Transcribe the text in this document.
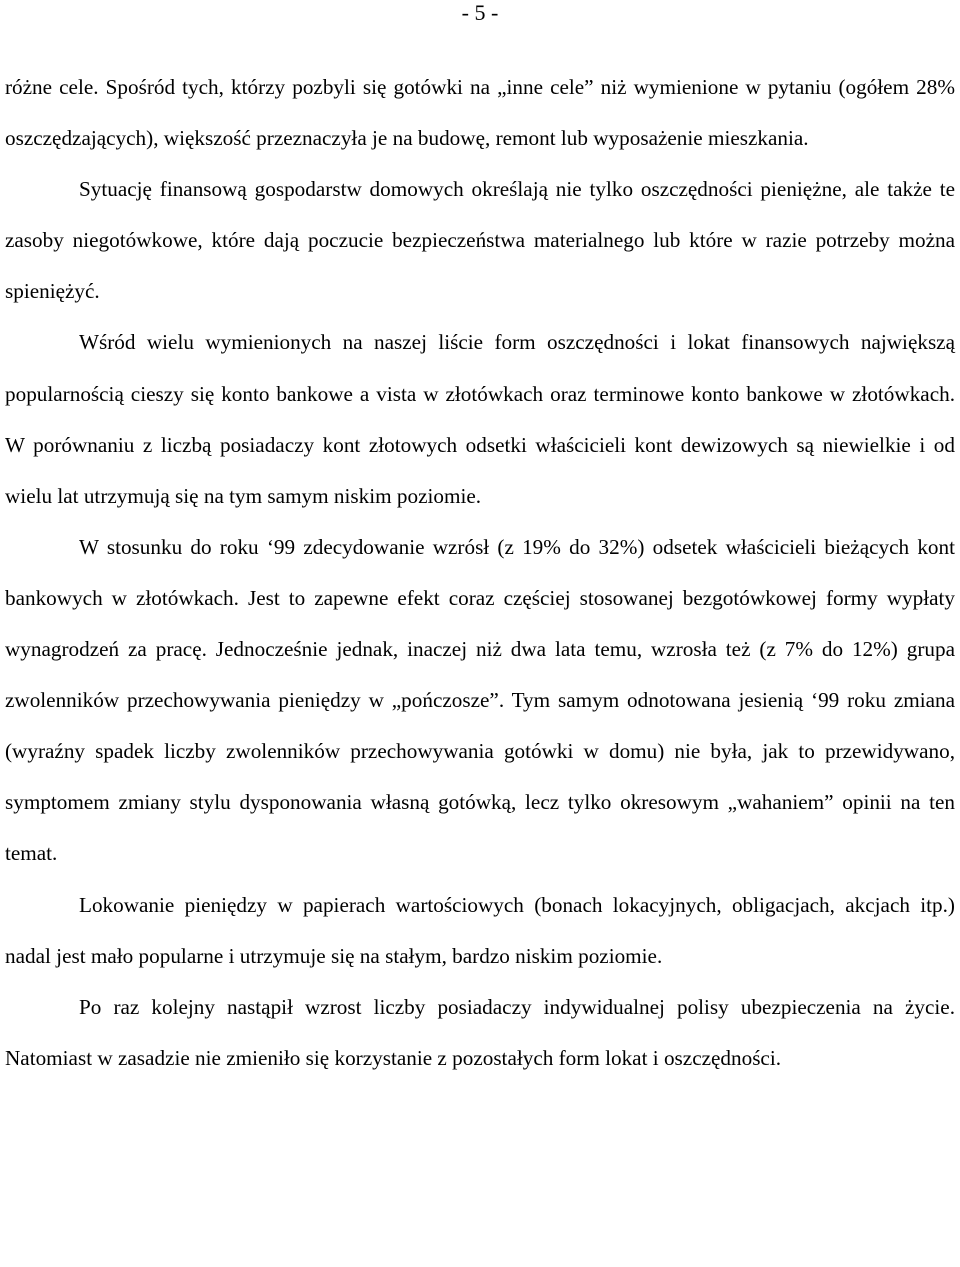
- 5 -

różne cele. Spośród tych, którzy pozbyli się gotówki na „inne cele” niż wymienione w pytaniu (ogółem 28% oszczędzających), większość przeznaczyła je na budowę, remont lub wyposażenie mieszkania.

Sytuację finansową gospodarstw domowych określają nie tylko oszczędności pieniężne, ale także te zasoby niegotówkowe, które dają poczucie bezpieczeństwa materialnego lub które w razie potrzeby można spieniężyć.

Wśród wielu wymienionych na naszej liście form oszczędności i lokat finansowych największą popularnością cieszy się konto bankowe a vista w złotówkach oraz terminowe konto bankowe w złotówkach. W porównaniu z liczbą posiadaczy kont złotowych odsetki właścicieli kont dewizowych są niewielkie i od wielu lat utrzymują się na tym samym niskim poziomie.

W stosunku do roku ‘99 zdecydowanie wzrósł (z 19% do 32%) odsetek właścicieli bieżących kont bankowych w złotówkach. Jest to zapewne efekt coraz częściej stosowanej bezgotówkowej formy wypłaty wynagrodzeń za pracę. Jednocześnie jednak, inaczej niż dwa lata temu, wzrosła też (z 7% do 12%) grupa zwolenników przechowywania pieniędzy w „pończosze”. Tym samym odnotowana jesienią ‘99 roku zmiana (wyraźny spadek liczby zwolenników przechowywania gotówki w domu) nie była, jak to przewidywano, symptomem zmiany stylu dysponowania własną gotówką, lecz tylko okresowym „wahaniem” opinii na ten temat.

Lokowanie pieniędzy w papierach wartościowych (bonach lokacyjnych, obligacjach, akcjach itp.) nadal jest mało popularne i utrzymuje się na stałym, bardzo niskim poziomie.

Po raz kolejny nastąpił wzrost liczby posiadaczy indywidualnej polisy ubezpieczenia na życie. Natomiast w zasadzie nie zmieniło się korzystanie z pozostałych form lokat i oszczędności.
